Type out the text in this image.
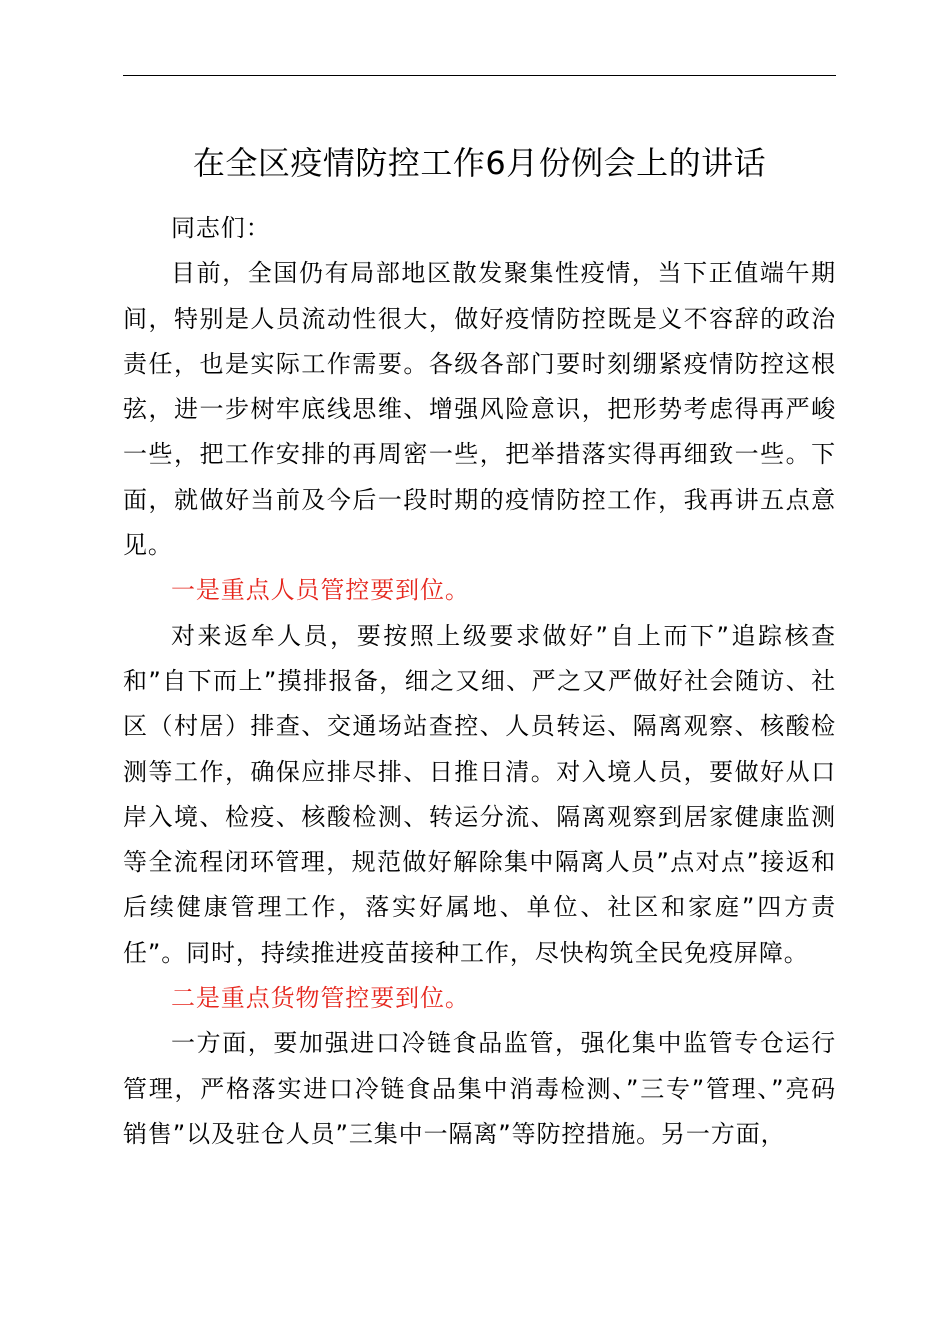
在全区疫情防控工作6月份例会上的讲话

同志们：

目前，全国仍有局部地区散发聚集性疫情，当下正值端午期间，特别是人员流动性很大，做好疫情防控既是义不容辞的政治责任，也是实际工作需要。各级各部门要时刻绷紧疫情防控这根弦，进一步树牢底线思维、增强风险意识，把形势考虑得再严峻一些，把工作安排的再周密一些，把举措落实得再细致一些。下面，就做好当前及今后一段时期的疫情防控工作，我再讲五点意见。

一是重点人员管控要到位。

对来返牟人员，要按照上级要求做好”自上而下”追踪核查和”自下而上”摸排报备，细之又细、严之又严做好社会随访、社区（村居）排查、交通场站查控、人员转运、隔离观察、核酸检测等工作，确保应排尽排、日推日清。对入境人员，要做好从口岸入境、检疫、核酸检测、转运分流、隔离观察到居家健康监测等全流程闭环管理，规范做好解除集中隔离人员”点对点”接返和后续健康管理工作，落实好属地、单位、社区和家庭”四方责任”。同时，持续推进疫苗接种工作，尽快构筑全民免疫屏障。

二是重点货物管控要到位。

一方面，要加强进口冷链食品监管，强化集中监管专仓运行管理，严格落实进口冷链食品集中消毒检测、”三专”管理、”亮码销售”以及驻仓人员”三集中一隔离”等防控措施。另一方面，
